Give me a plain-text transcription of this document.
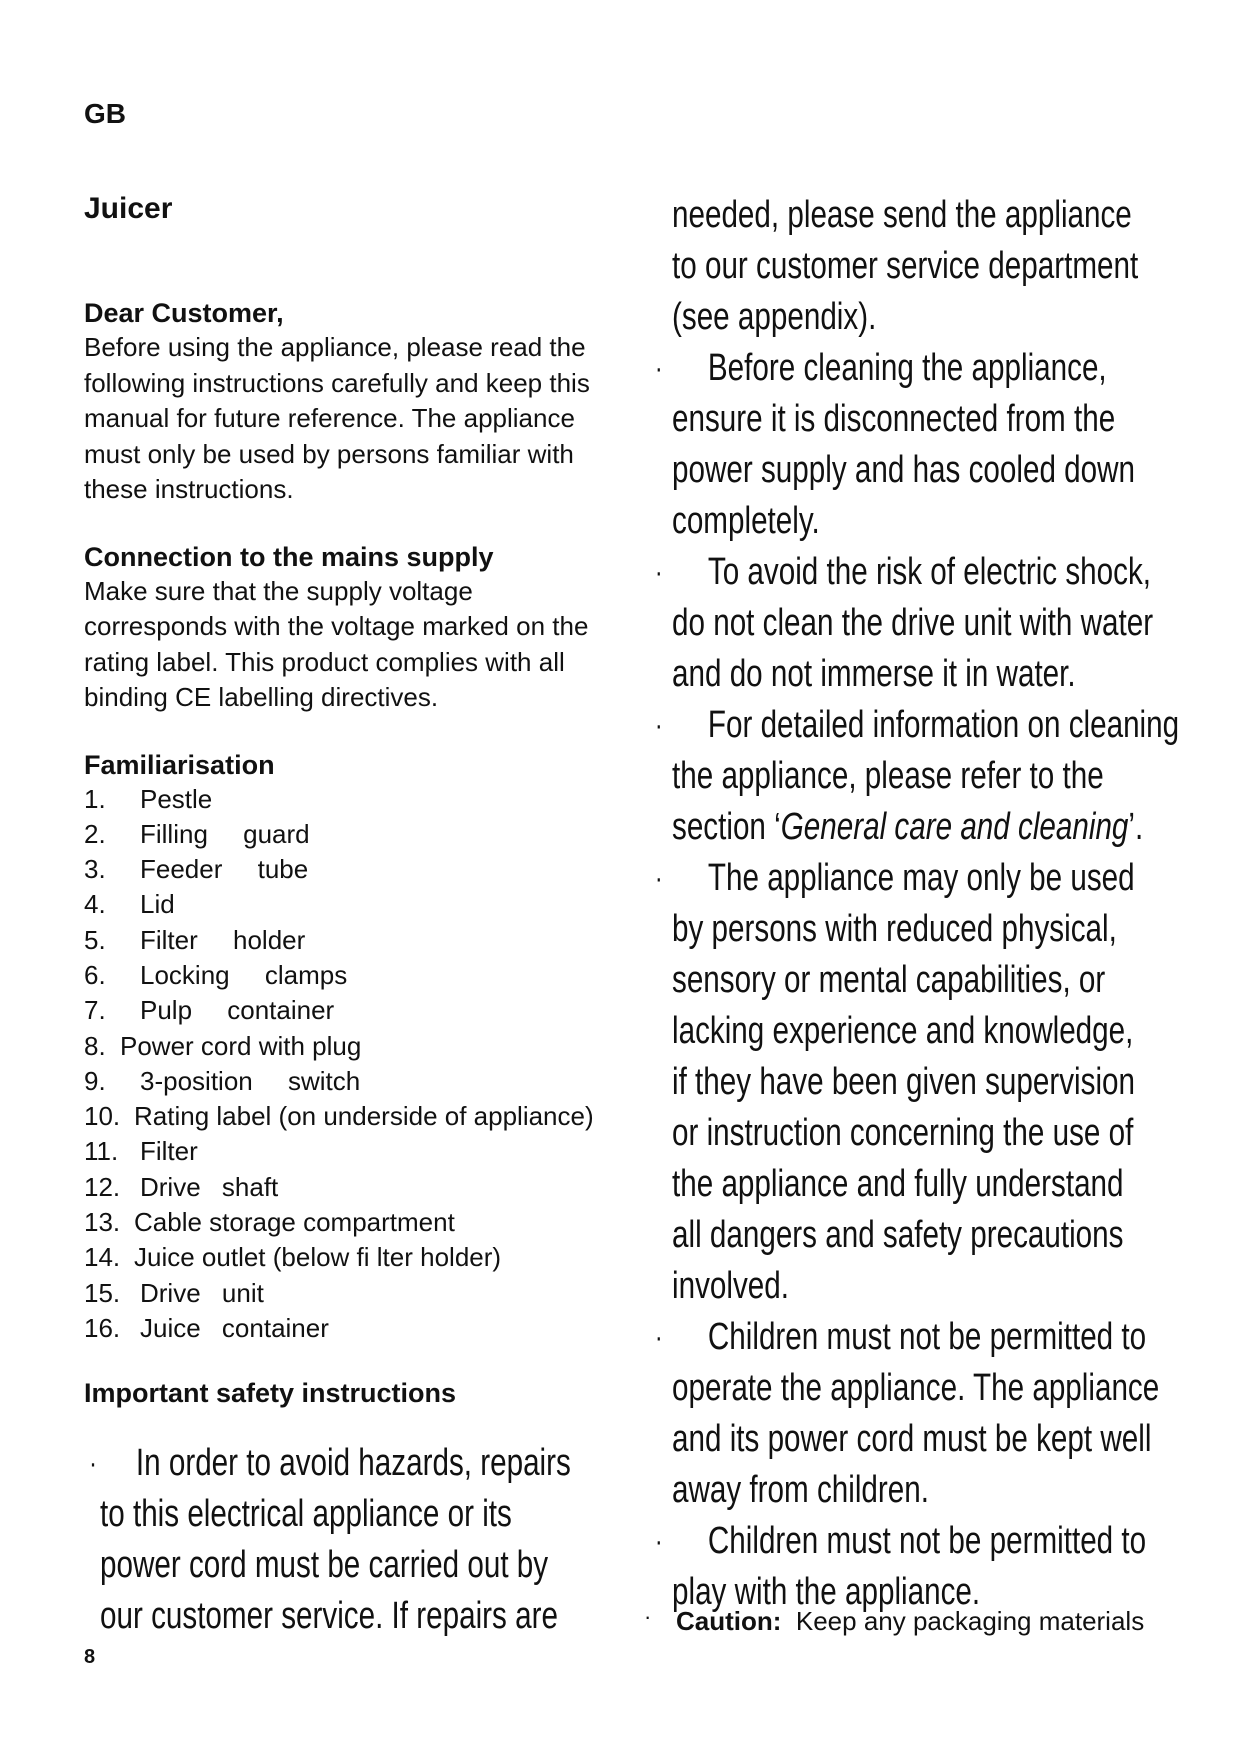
GB
Juicer

Dear Customer,

Before using the appliance, please read the
following instructions carefully and keep this
manual for future reference. The appliance
must only be used by persons familiar with
these instructions.

Connection to the mains supply

Make sure that the supply voltage
corresponds with the voltage marked on the
rating label. This product complies with all
binding CE labelling directives.

Familiarisation

1. Pestle
2. Filling guard
3. Feeder tube
4. Lid
5. Filter holder
6. Locking clamps
7. Pulp container
8. Power cord with plug
9. 3-position switch
10. Rating label (on underside of appliance)
11. Filter
12. Drive shaft
13. Cable storage compartment
14. Juice outlet (below fi lter holder)
15. Drive unit
16. Juice container

Important safety instructions

· In order to avoid hazards, repairs
to this electrical appliance or its
power cord must be carried out by
our customer service. If repairs are
needed, please send the appliance
to our customer service department
(see appendix).
· Before cleaning the appliance,
ensure it is disconnected from the
power supply and has cooled down
completely.
· To avoid the risk of electric shock,
do not clean the drive unit with water
and do not immerse it in water.
· For detailed information on cleaning
the appliance, please refer to the
section ‘General care and cleaning’.
· The appliance may only be used
by persons with reduced physical,
sensory or mental capabilities, or
lacking experience and knowledge,
if they have been given supervision
or instruction concerning the use of
the appliance and fully understand
all dangers and safety precautions
involved.
· Children must not be permitted to
operate the appliance. The appliance
and its power cord must be kept well
away from children.
· Children must not be permitted to
play with the appliance.
· Caution: Keep any packaging materials
8
